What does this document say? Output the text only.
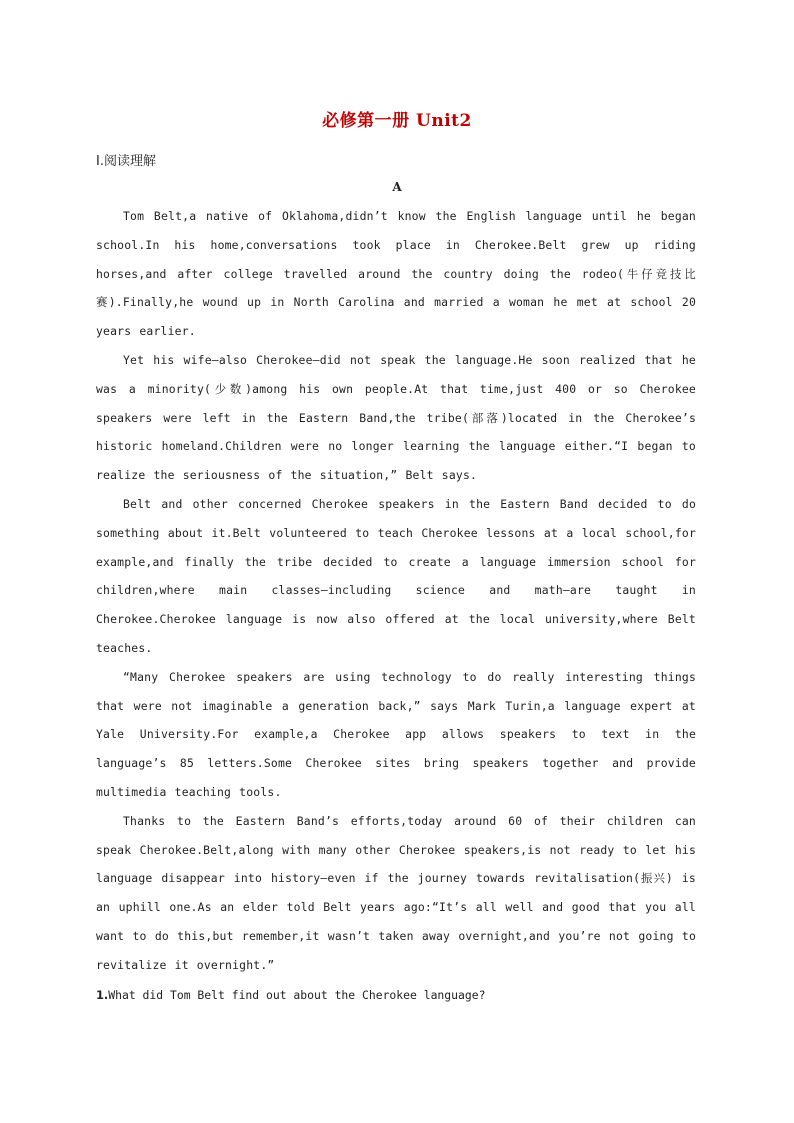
必修第一册 Unit2
Ⅰ.阅读理解
A

Tom Belt,a native of Oklahoma,didn’t know the English language until he began school.In his home,conversations took place in Cherokee.Belt grew up riding horses,and after college travelled around the country doing the rodeo(牛仔竞技比赛).Finally,he wound up in North Carolina and married a woman he met at school 20 years earlier.

Yet his wife—also Cherokee—did not speak the language.He soon realized that he was a minority(少数)among his own people.At that time,just 400 or so Cherokee speakers were left in the Eastern Band,the tribe(部落)located in the Cherokee’s historic homeland.Children were no longer learning the language either.“I began to realize the seriousness of the situation,” Belt says.

Belt and other concerned Cherokee speakers in the Eastern Band decided to do something about it.Belt volunteered to teach Cherokee lessons at a local school,for example,and finally the tribe decided to create a language immersion school for children,where main classes—including science and math—are taught in Cherokee.Cherokee language is now also offered at the local university,where Belt teaches.

“Many Cherokee speakers are using technology to do really interesting things that were not imaginable a generation back,” says Mark Turin,a language expert at Yale University.For example,a Cherokee app allows speakers to text in the language’s 85 letters.Some Cherokee sites bring speakers together and provide multimedia teaching tools.

Thanks to the Eastern Band’s efforts,today around 60 of their children can speak Cherokee.Belt,along with many other Cherokee speakers,is not ready to let his language disappear into history—even if the journey towards revitalisation(振兴) is an uphill one.As an elder told Belt years ago:“It’s all well and good that you all want to do this,but remember,it wasn’t taken away overnight,and you’re not going to revitalize it overnight.”

1.What did Tom Belt find out about the Cherokee language?
